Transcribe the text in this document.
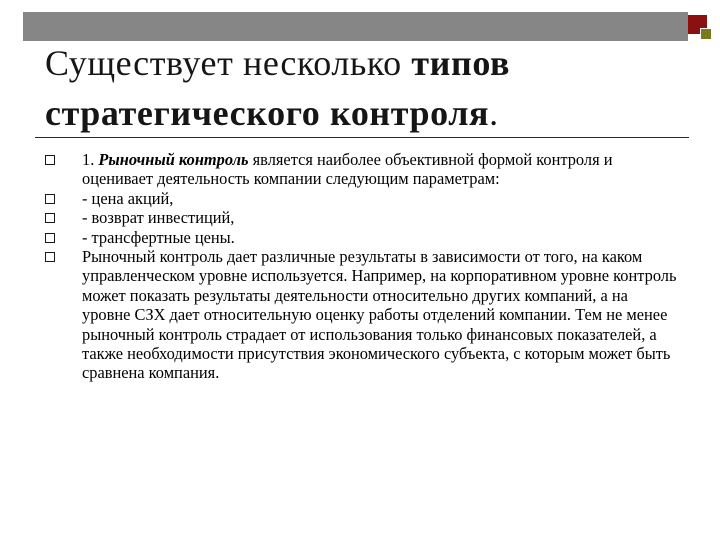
Существует несколько типов стратегического контроля.
1. Рыночный контроль является наиболее объективной формой контроля и оценивает деятельность компании следующим параметрам:
- цена акций,
- возврат инвестиций,
- трансфертные цены.
Рыночный контроль дает различные результаты в зависимости от того, на каком управленческом уровне используется. Например, на корпоративном уровне контроль может показать результаты деятельности относительно других компаний, а на уровне СЗХ дает относительную оценку работы отделений компании. Тем не менее рыночный контроль страдает от использования только финансовых показателей, а также необходимости присутствия экономического субъекта, с которым может быть сравнена компания.
